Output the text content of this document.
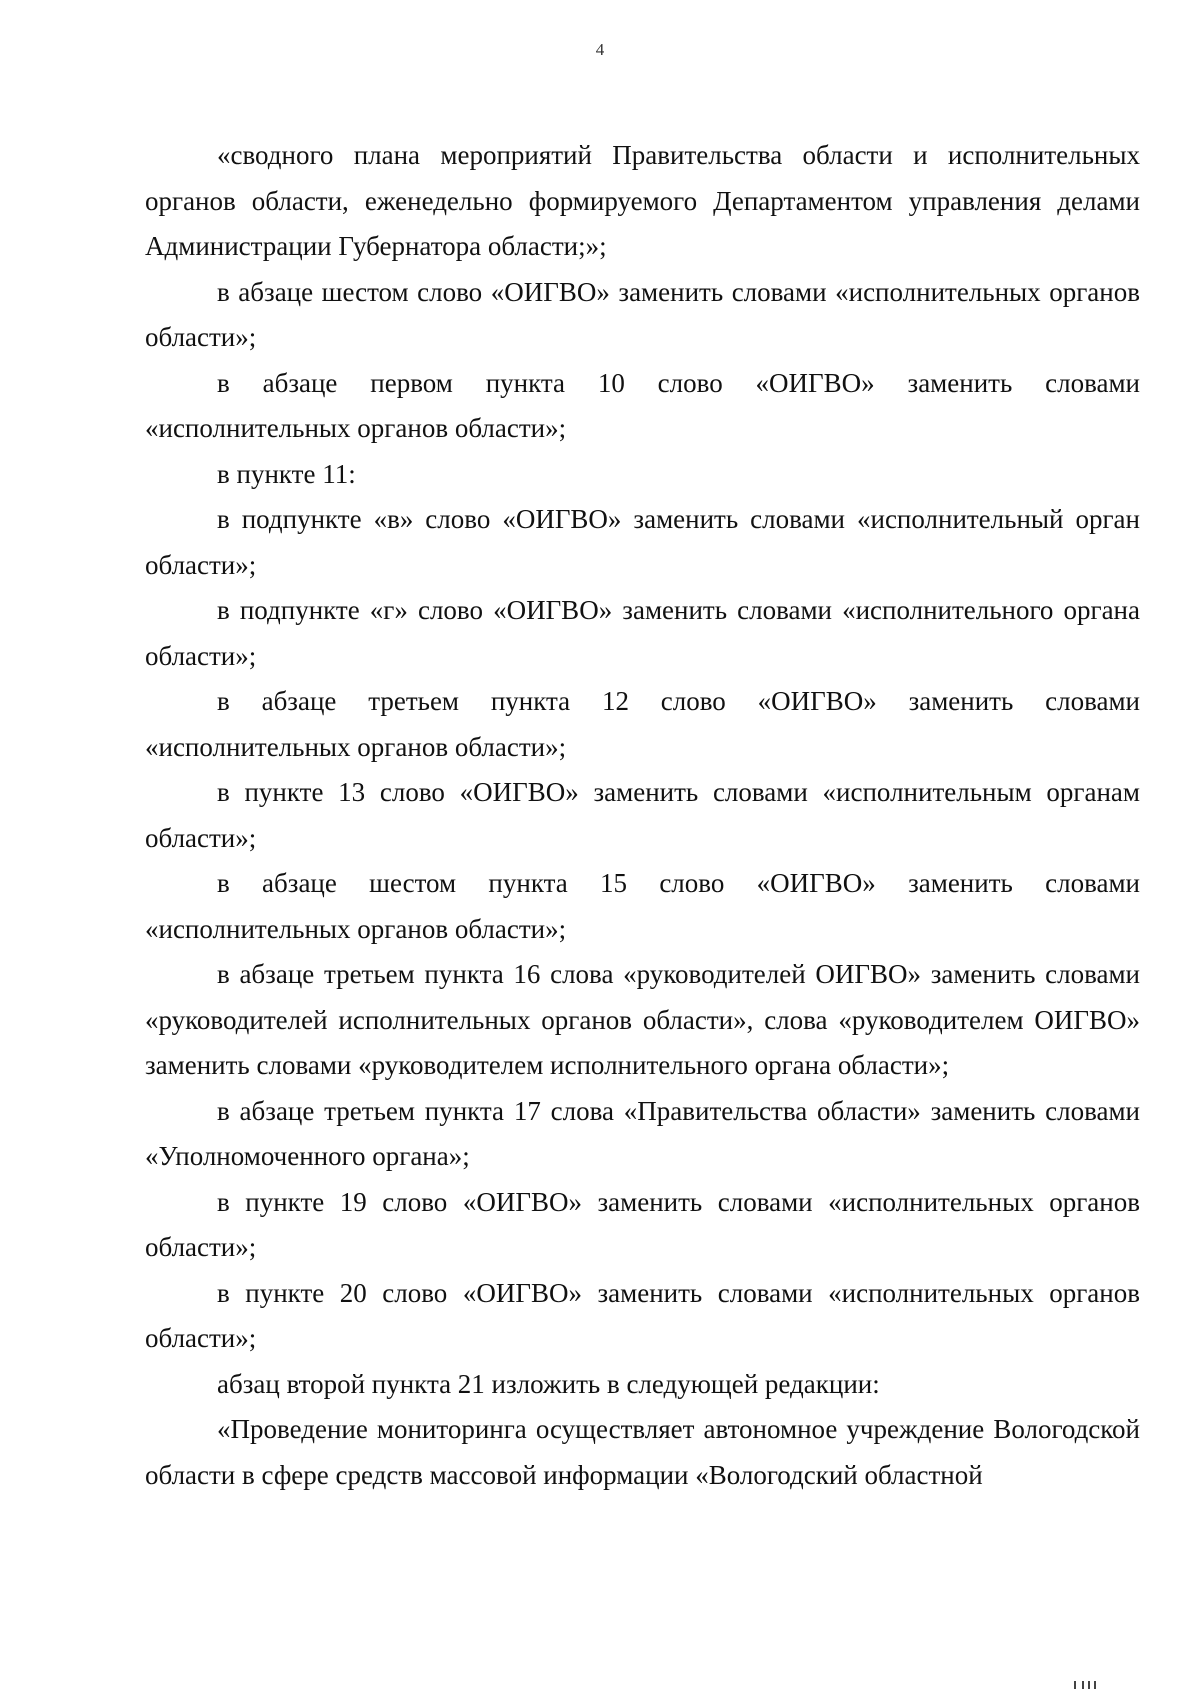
4

«сводного плана мероприятий Правительства области и исполнительных органов области, еженедельно формируемого Департаментом управления делами Администрации Губернатора области;»;

в абзаце шестом слово «ОИГВО» заменить словами «исполнительных органов области»;

в абзаце первом пункта 10 слово «ОИГВО» заменить словами «исполнительных органов области»;

в пункте 11:

в подпункте «в» слово «ОИГВО» заменить словами «исполнительный орган области»;

в подпункте «г» слово «ОИГВО» заменить словами «исполнительного органа области»;

в абзаце третьем пункта 12 слово «ОИГВО» заменить словами «исполнительных органов области»;

в пункте 13 слово «ОИГВО» заменить словами «исполнительным органам области»;

в абзаце шестом пункта 15 слово «ОИГВО» заменить словами «исполнительных органов области»;

в абзаце третьем пункта 16 слова «руководителей ОИГВО» заменить словами «руководителей исполнительных органов области», слова «руководителем ОИГВО» заменить словами «руководителем исполнительного органа области»;

в абзаце третьем пункта 17 слова «Правительства области» заменить словами «Уполномоченного органа»;

в пункте 19 слово «ОИГВО» заменить словами «исполнительных органов области»;

в пункте 20 слово «ОИГВО» заменить словами «исполнительных органов области»;

абзац второй пункта 21 изложить в следующей редакции:

«Проведение мониторинга осуществляет автономное учреждение Вологодской области в сфере средств массовой информации «Вологодский областной
